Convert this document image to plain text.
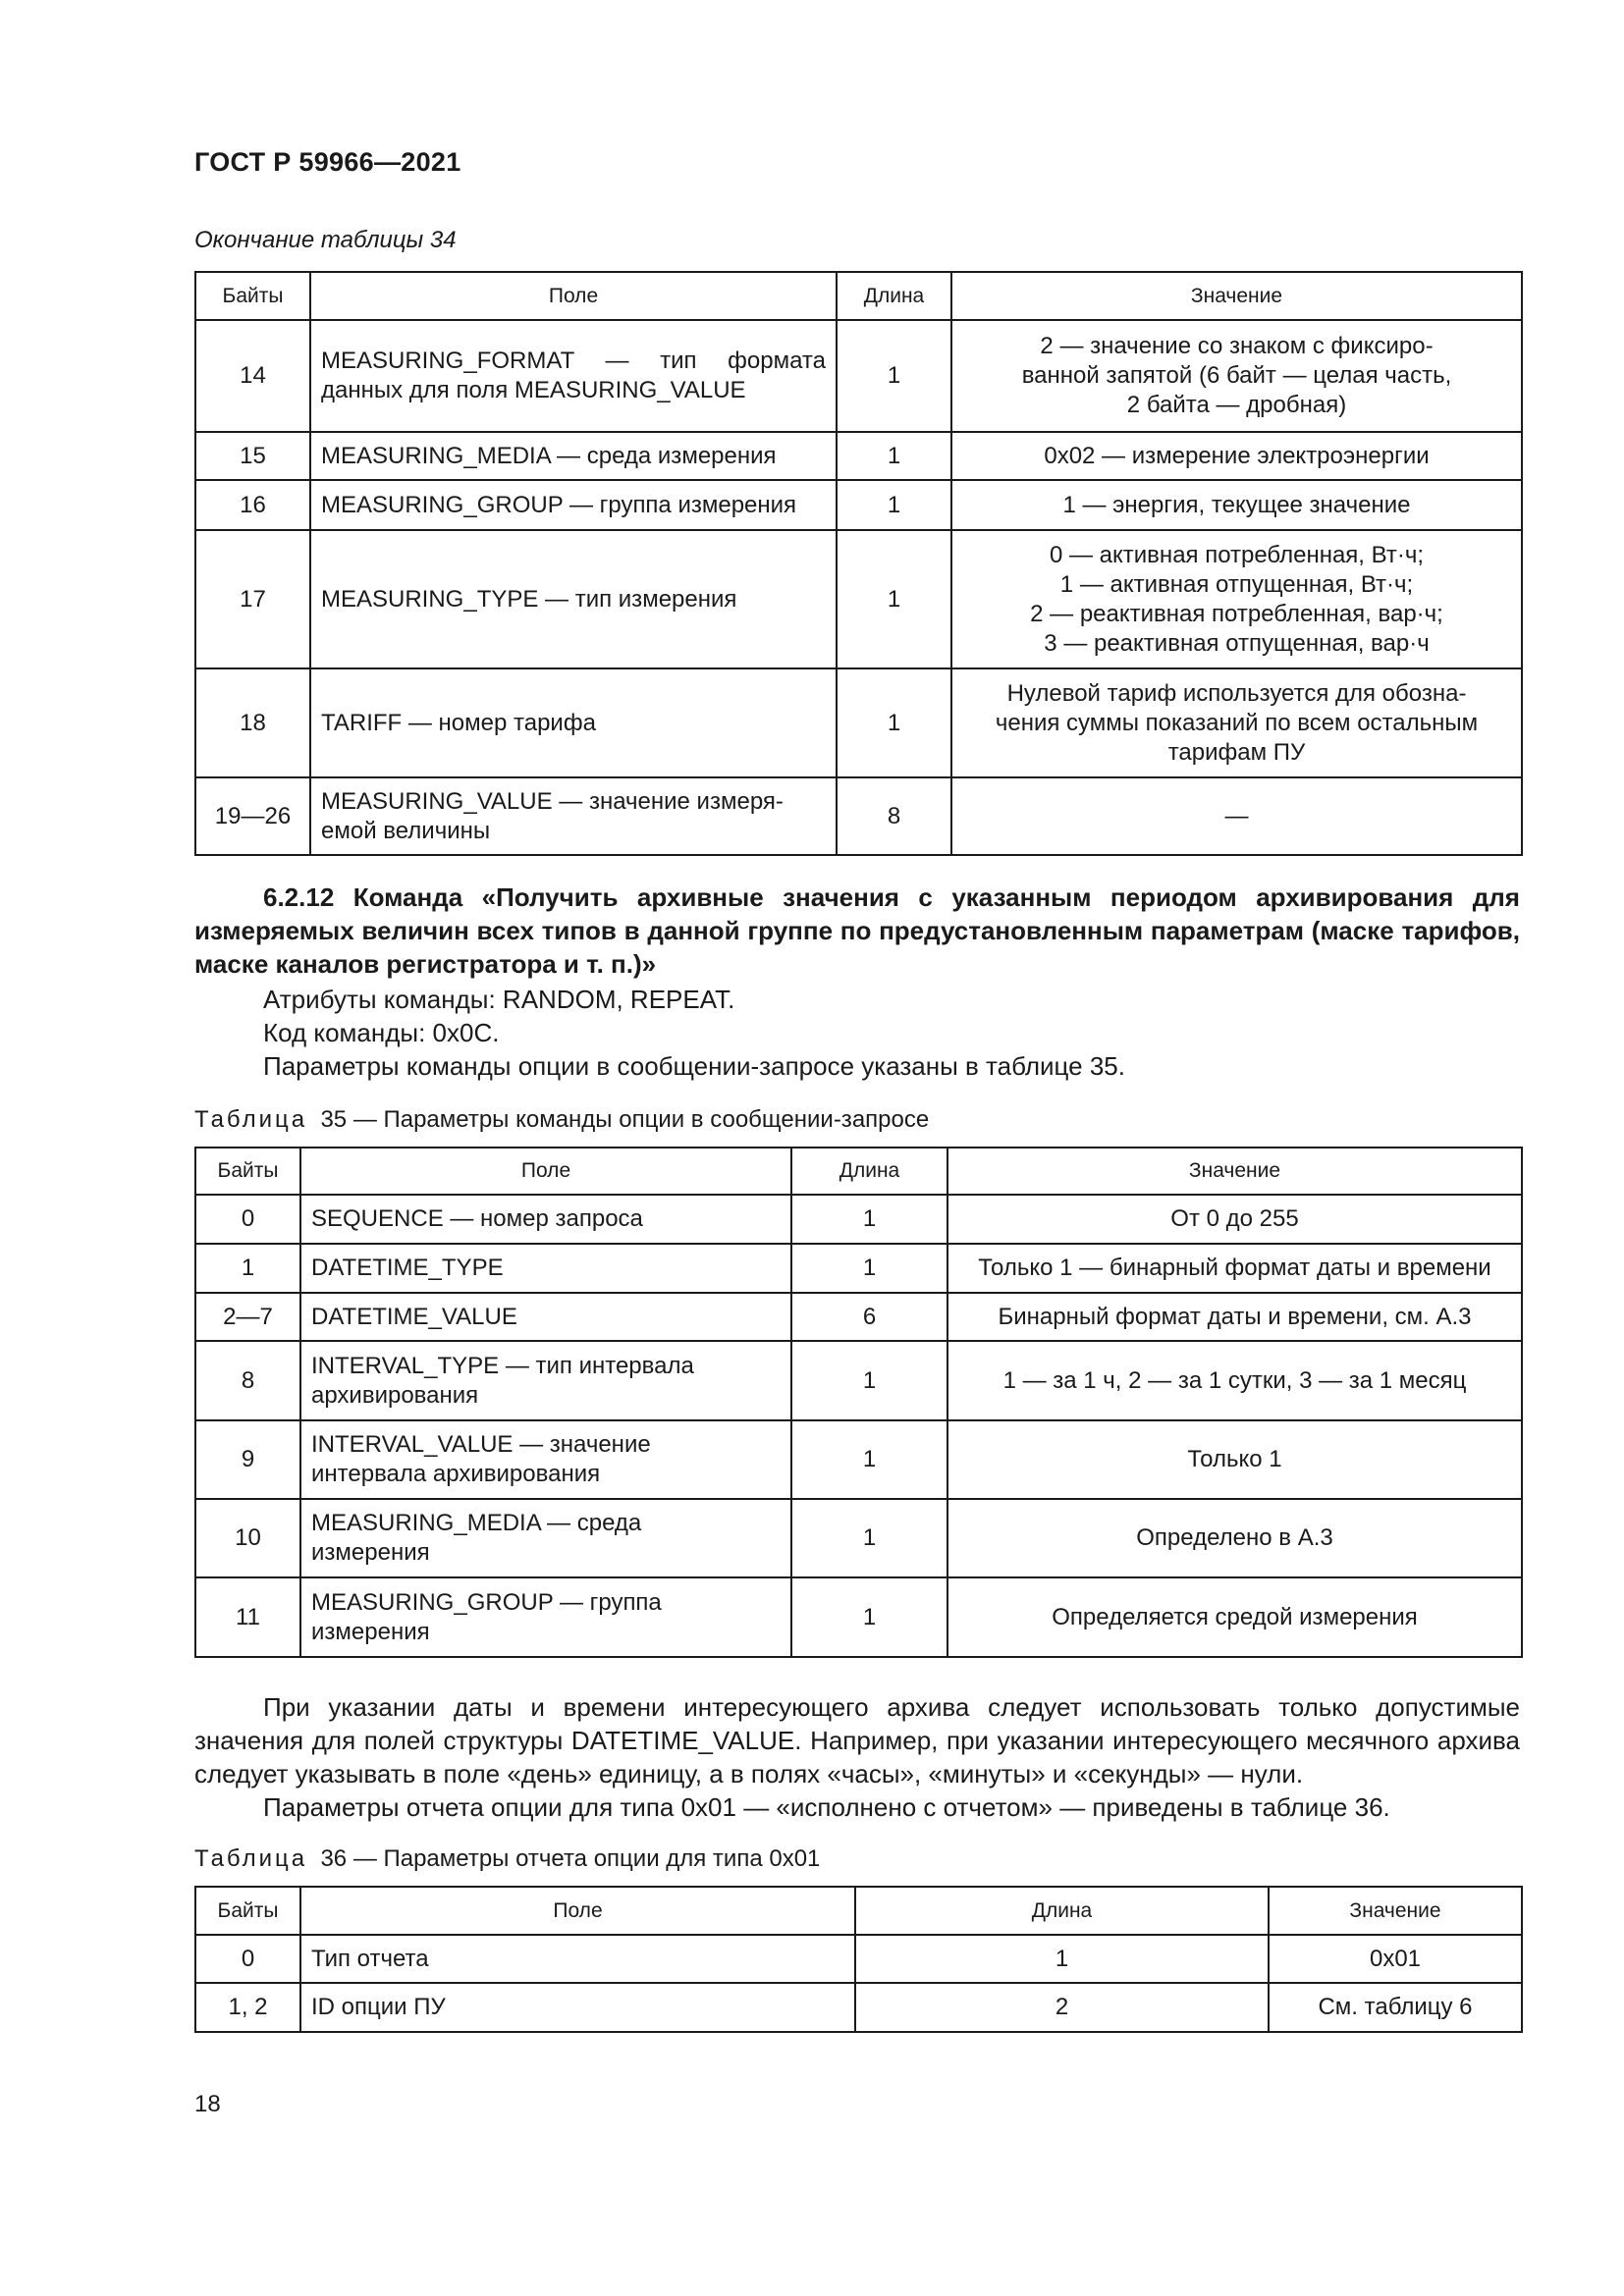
ГОСТ Р 59966—2021
Окончание таблицы 34
Байты	Поле	Длина	Значение
14	MEASURING_FORMAT — тип формата данных для поля MEASURING_VALUE	1	2 — значение со знаком с фиксиро-
ванной запятой (6 байт — целая часть,
2 байта — дробная)
15	MEASURING_MEDIA — среда измерения	1	0x02 — измерение электроэнергии
16	MEASURING_GROUP — группа измерения	1	1 — энергия, текущее значение
17	MEASURING_TYPE — тип измерения	1	0 — активная потребленная, Вт·ч;
1 — активная отпущенная, Вт·ч;
2 — реактивная потребленная, вар·ч;
3 — реактивная отпущенная, вар·ч
18	TARIFF — номер тарифа	1	Нулевой тариф используется для обозна-
чения суммы показаний по всем остальным
тарифам ПУ
19—26	MEASURING_VALUE — значение измеря-
емой величины	8	—
6.2.12 Команда «Получить архивные значения с указанным периодом архивирования для измеряемых величин всех типов в данной группе по предустановленным параметрам (маске тарифов, маске каналов регистратора и т. п.)»
Атрибуты команды: RANDOM, REPEAT.
Код команды: 0x0C.
Параметры команды опции в сообщении-запросе указаны в таблице 35.
Таблица 35 — Параметры команды опции в сообщении-запросе
Байты	Поле	Длина	Значение
0	SEQUENCE — номер запроса	1	От 0 до 255
1	DATETIME_TYPE	1	Только 1 — бинарный формат даты и времени
2—7	DATETIME_VALUE	6	Бинарный формат даты и времени, см. А.3
8	INTERVAL_TYPE — тип интервала
архивирования	1	1 — за 1 ч, 2 — за 1 сутки, 3 — за 1 месяц
9	INTERVAL_VALUE — значение
интервала архивирования	1	Только 1
10	MEASURING_MEDIA — среда
измерения	1	Определено в А.3
11	MEASURING_GROUP — группа
измерения	1	Определяется средой измерения
При указании даты и времени интересующего архива следует использовать только допустимые значения для полей структуры DATETIME_VALUE. Например, при указании интересующего месячного архива следует указывать в поле «день» единицу, а в полях «часы», «минуты» и «секунды» — нули.
Параметры отчета опции для типа 0x01 — «исполнено с отчетом» — приведены в таблице 36.
Таблица 36 — Параметры отчета опции для типа 0x01
Байты	Поле	Длина	Значение
0	Тип отчета	1	0x01
1, 2	ID опции ПУ	2	См. таблицу 6
18
